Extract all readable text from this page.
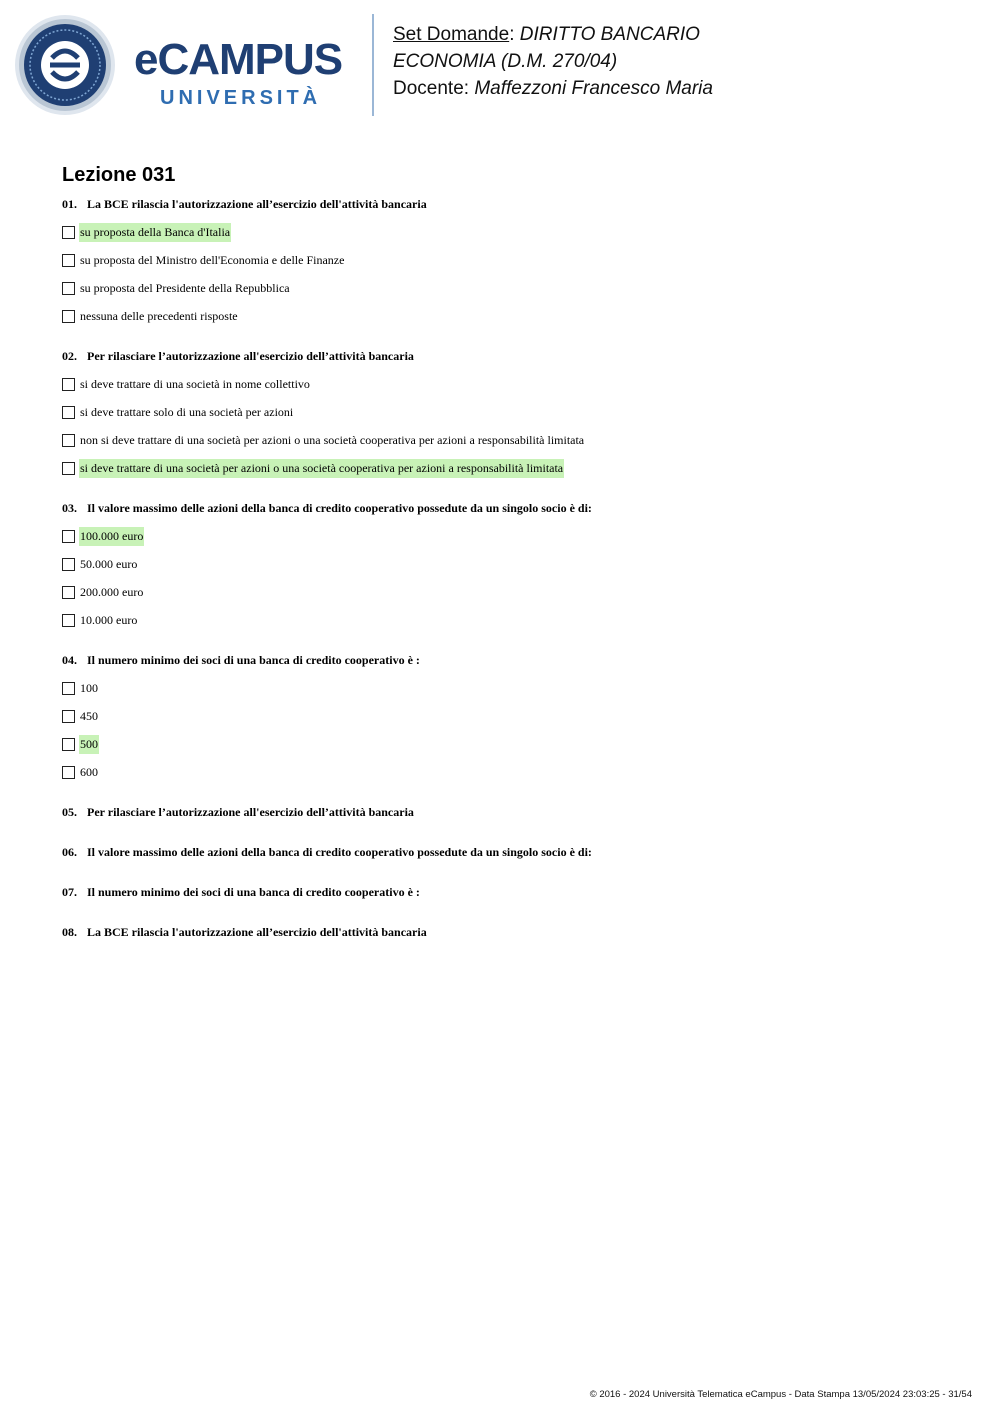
eCAMPUS
UNIVERSITÀ
Set Domande: DIRITTO BANCARIO
ECONOMIA (D.M. 270/04)
Docente: Maffezzoni Francesco Maria
Lezione 031
01. La BCE rilascia l'autorizzazione all’esercizio dell'attività bancaria
su proposta della Banca d'Italia
su proposta del Ministro dell'Economia e delle Finanze
su proposta del Presidente della Repubblica
nessuna delle precedenti risposte
02. Per rilasciare l’autorizzazione all'esercizio dell’attività bancaria
si deve trattare di una società in nome collettivo
si deve trattare solo di una società per azioni
non si deve trattare di una società per azioni o una società cooperativa per azioni a responsabilità limitata
si deve trattare di una società per azioni o una società cooperativa per azioni a responsabilità limitata
03. Il valore massimo delle azioni della banca di credito cooperativo possedute da un singolo socio è di:
100.000 euro
50.000 euro
200.000 euro
10.000 euro
04. Il numero minimo dei soci di una banca di credito cooperativo è :
100
450
500
600
05. Per rilasciare l’autorizzazione all'esercizio dell’attività bancaria
06. Il valore massimo delle azioni della banca di credito cooperativo possedute da un singolo socio è di:
07. Il numero minimo dei soci di una banca di credito cooperativo è :
08. La BCE rilascia l'autorizzazione all’esercizio dell'attività bancaria
© 2016 - 2024 Università Telematica eCampus - Data Stampa 13/05/2024 23:03:25 - 31/54
